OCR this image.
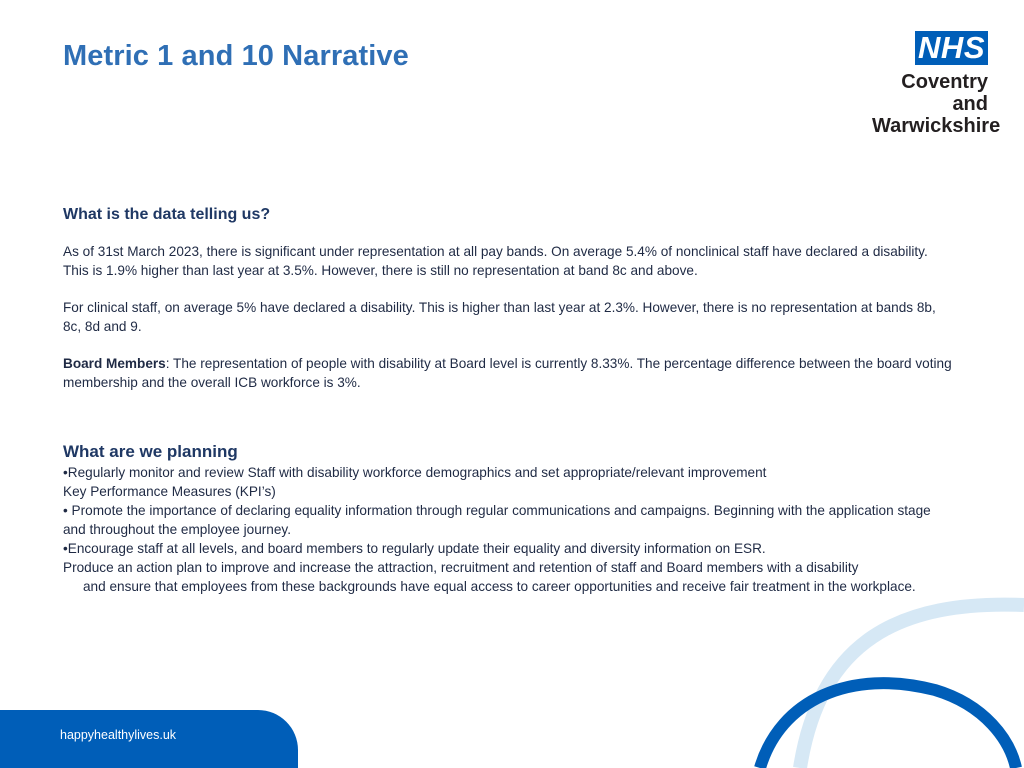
Metric 1 and 10 Narrative	NHS
Coventry and
Warwickshire
What is the data telling us?

As of 31st March 2023, there is significant under representation at all pay bands. On average 5.4% of nonclinical staff have declared a disability. This is 1.9% higher than last year at 3.5%. However, there is still no representation at band 8c and above.

For clinical staff, on average 5% have declared a disability. This is higher than last year at 2.3%. However, there is no representation at bands 8b, 8c, 8d and 9.

Board Members: The representation of people with disability at Board level is currently 8.33%. The percentage difference between the board voting membership and the overall ICB workforce is 3%.

What are we planning

•Regularly monitor and review Staff with disability workforce demographics and set appropriate/relevant improvement

Key Performance Measures (KPI’s)

• Promote the importance of declaring equality information through regular communications and campaigns. Beginning with the application stage and throughout the employee journey.

•Encourage staff at all levels, and board members to regularly update their equality and diversity information on ESR.

Produce an action plan to improve and increase the attraction, recruitment and retention of staff and Board members with a disability

and ensure that employees from these backgrounds have equal access to career opportunities and receive fair treatment in the workplace.

happyhealthylives.uk
